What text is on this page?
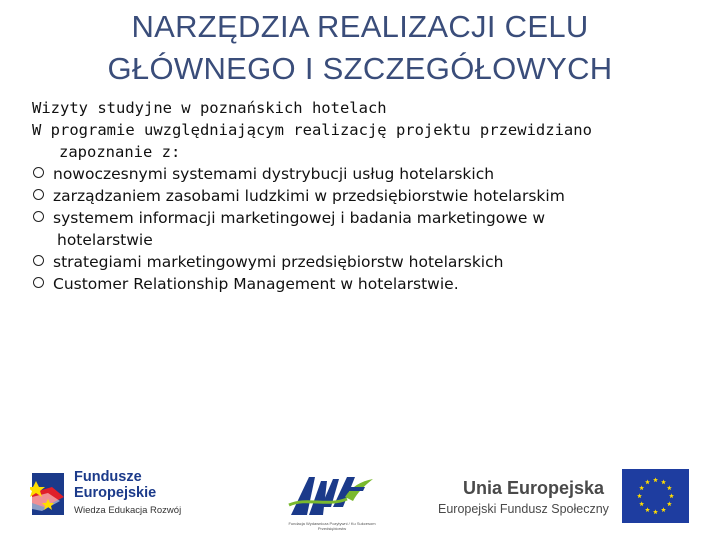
NARZĘDZIA REALIZACJI CELU
GŁÓWNEGO I SZCZEGÓŁOWYCH
Wizyty studyjne w poznańskich hotelach
W programie uwzględniającym realizację projektu przewidziano
zapoznanie z:
nowoczesnymi systemami dystrybucji usług hotelarskich
zarządzaniem zasobami ludzkimi w przedsiębiorstwie hotelarskim
systemem informacji marketingowej i badania marketingowe w
hotelarstwie
strategiami marketingowymi przedsiębiorstw hotelarskich
Customer Relationship Management w hotelarstwie.
Fundusze
Europejskie
Wiedza Edukacja Rozwój
Fundacja Wydawnicza Pozytywni / Ku Sukcesom Przedsiębiorstw
Unia Europejska
Europejski Fundusz Społeczny
